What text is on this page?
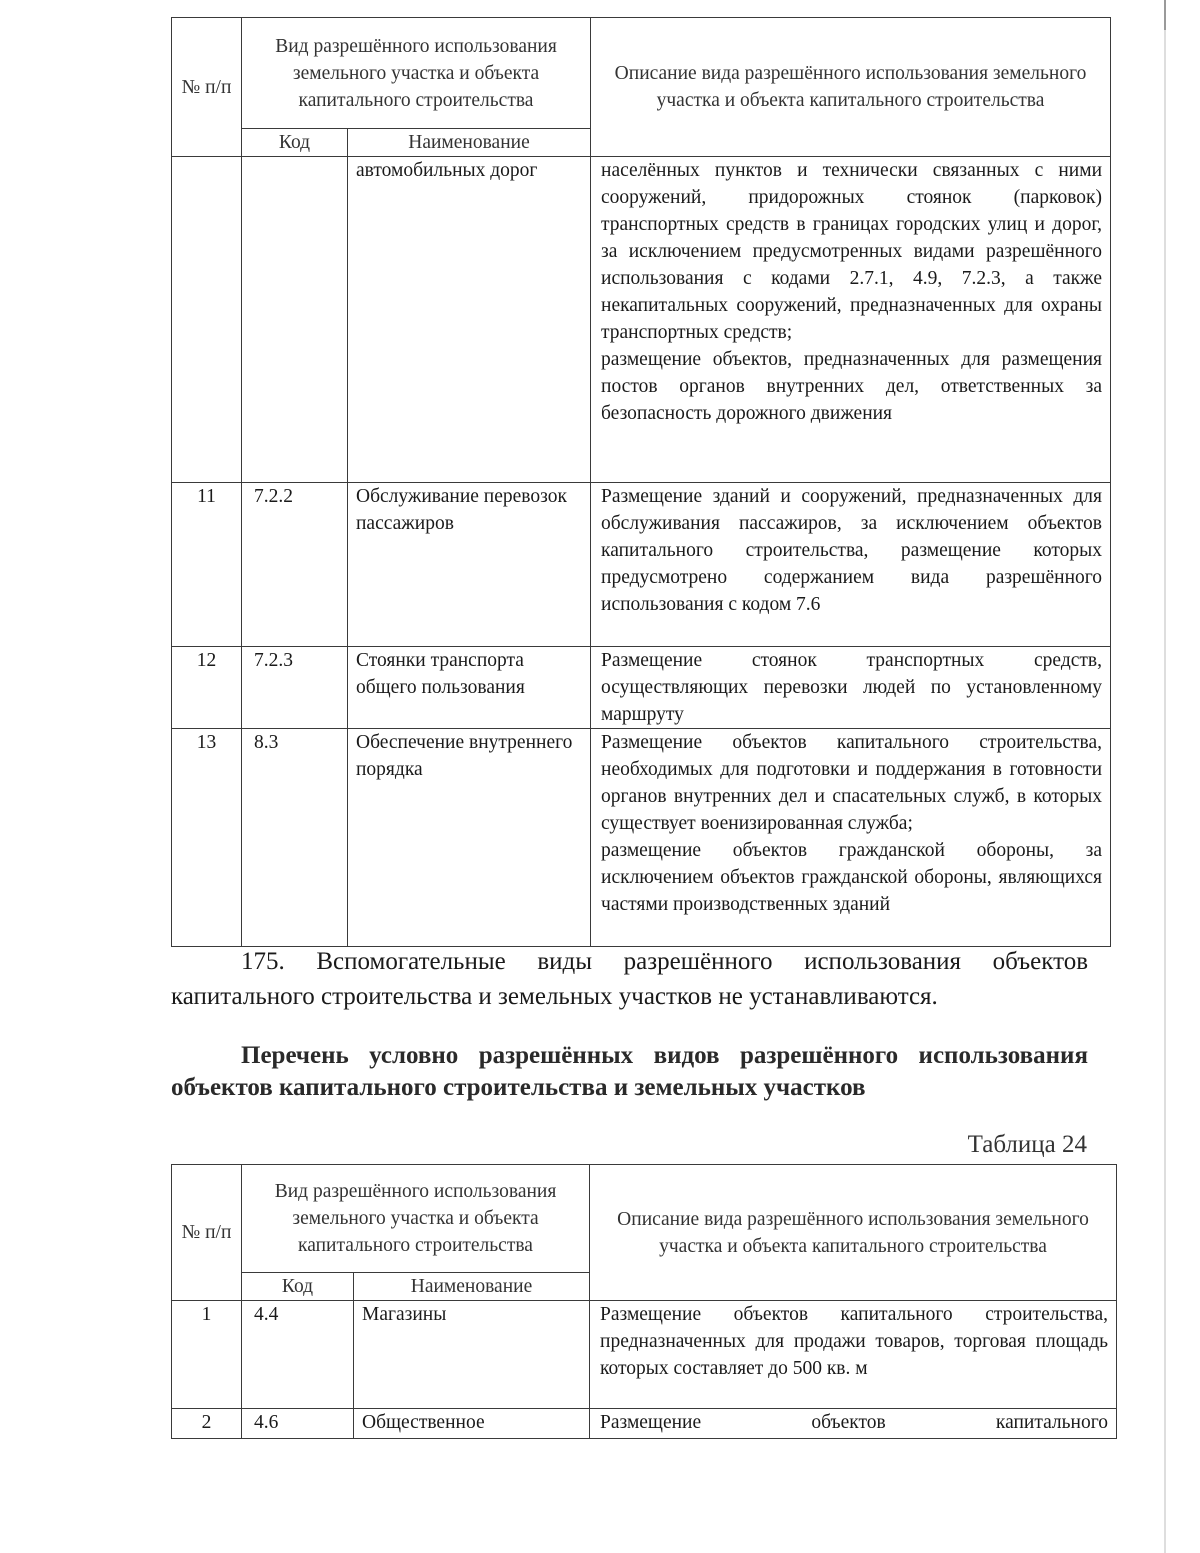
№ п/п	Вид разрешённого использования земельного участка и объекта капитального строительства		Описание вида разрешённого использования земельного участка и объекта капитального строительства
	Код	Наименование	
		автомобильных дорог	населённых пунктов и технически связанных с ними сооружений, придорожных стоянок (парковок) транспортных средств в границах городских улиц и дорог, за исключением предусмотренных видами разрешённого использования с кодами 2.7.1, 4.9, 7.2.3, а также некапитальных сооружений, предназначенных для охраны транспортных средств;

размещение объектов, предназначенных для размещения постов органов внутренних дел, ответственных за безопасность дорожного движения

11	7.2.2	Обслуживание перевозок пассажиров	Размещение зданий и сооружений, предназначенных для обслуживания пассажиров, за исключением объектов капитального строительства, размещение которых предусмотрено содержанием вида разрешённого использования с кодом 7.6
12	7.2.3	Стоянки транспорта общего пользования	Размещение стоянок транспортных средств, осуществляющих перевозки людей по установленному маршруту
13	8.3	Обеспечение внутреннего порядка	Размещение объектов капитального строительства, необходимых для подготовки и поддержания в готовности органов внутренних дел и спасательных служб, в которых существует военизированная служба;

размещение объектов гражданской обороны, за исключением объектов гражданской обороны, являющихся частями производственных зданий

175. Вспомогательные виды разрешённого использования объектов капитального строительства и земельных участков не устанавливаются.

Перечень условно разрешённых видов разрешённого использования объектов капитального строительства и земельных участков

Таблица 24
№ п/п	Вид разрешённого использования земельного участка и объекта капитального строительства		Описание вида разрешённого использования земельного участка и объекта капитального строительства
	Код	Наименование	
1	4.4	Магазины	Размещение объектов капитального строительства, предназначенных для продажи товаров, торговая площадь которых составляет до 500 кв. м
2	4.6	Общественное	Размещение объектов капитального
